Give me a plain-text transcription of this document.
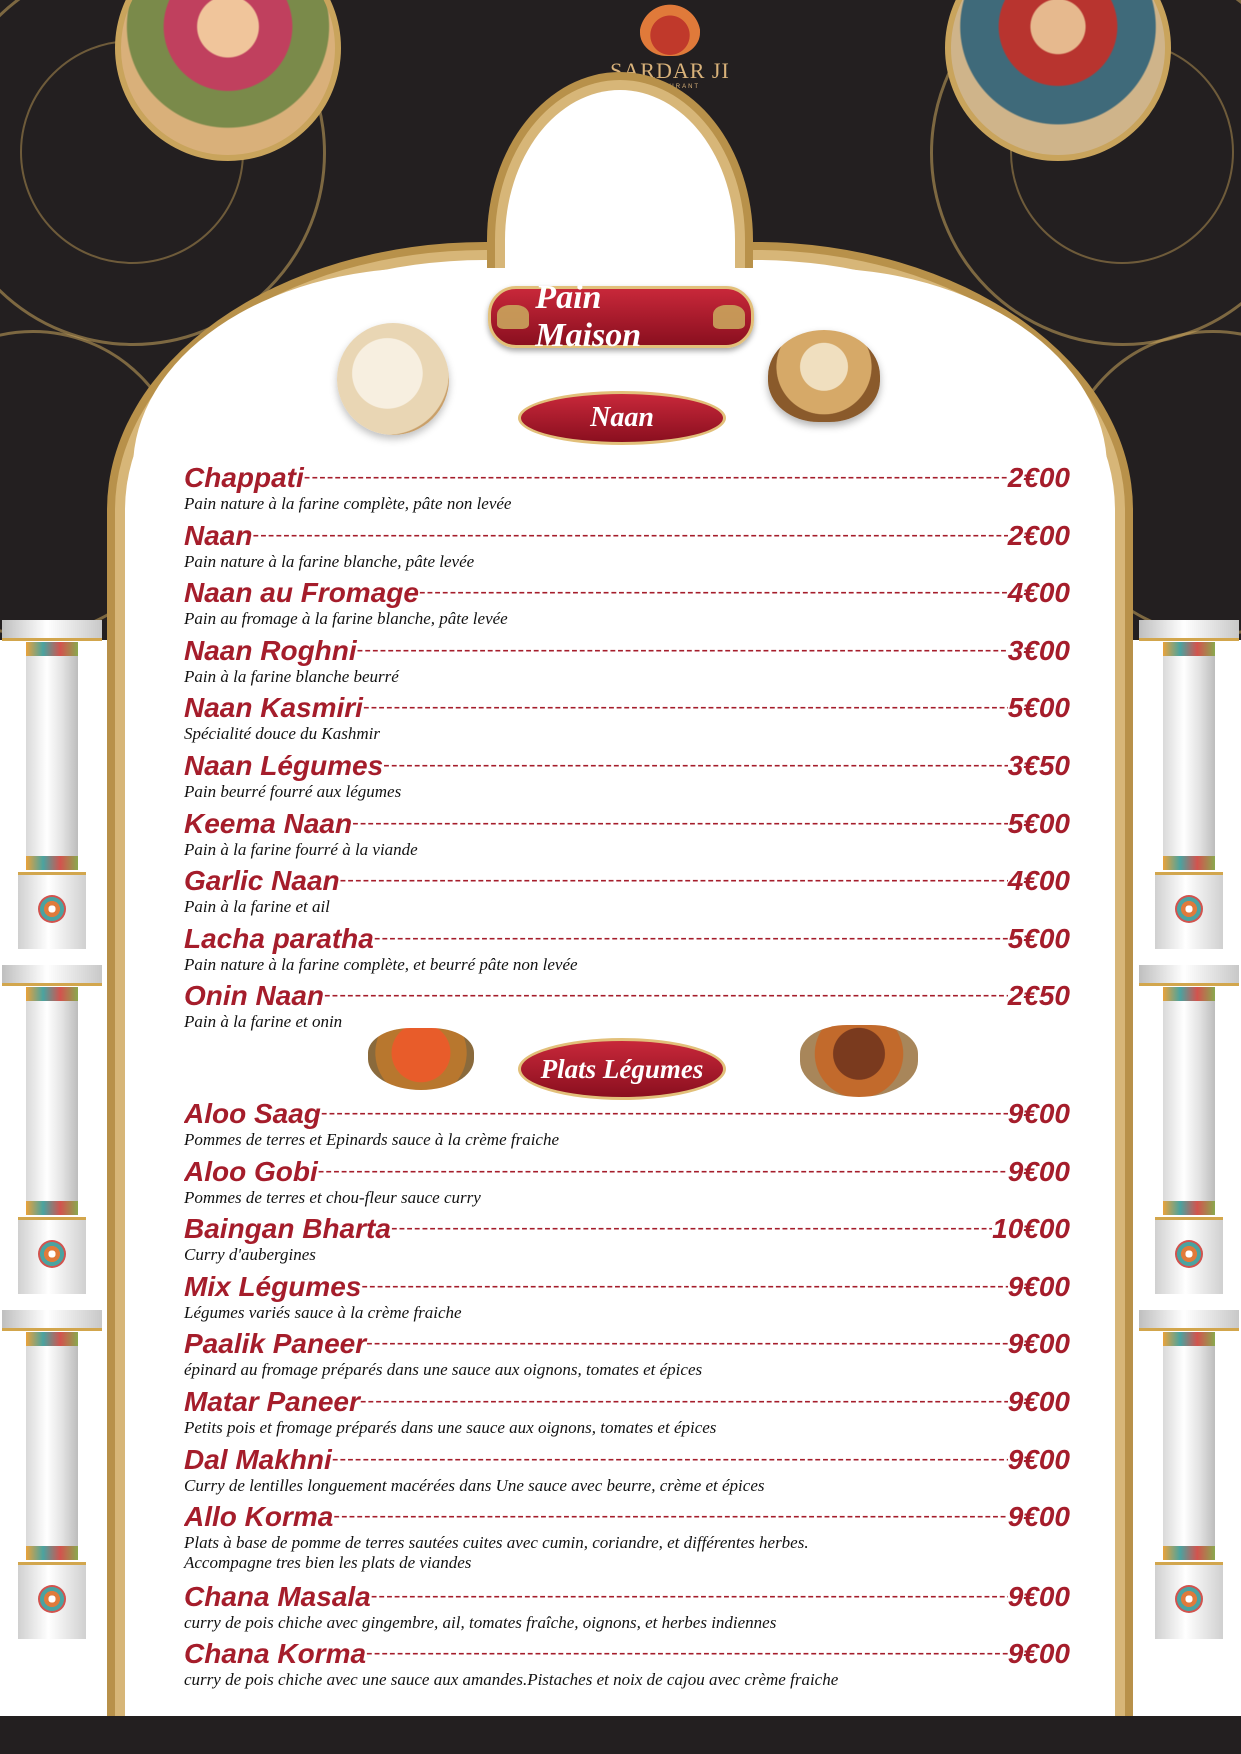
SARDAR JI
RESTAURANT
Pain Maison
Naan
Chappati -----	2€00

Pain nature à la farine complète, pâte non levée

Naan -----	2€00

Pain nature à la farine blanche, pâte levée

Naan au Fromage -----	4€00

Pain au fromage à la farine blanche, pâte levée

Naan Roghni -----	3€00

Pain à la farine blanche beurré

Naan Kasmiri -----	5€00

Spécialité douce du Kashmir

Naan Légumes -----	3€50

Pain beurré fourré aux légumes

Keema Naan -----	5€00

Pain à la farine fourré à la viande

Garlic Naan -----	4€00

Pain à la farine et ail

Lacha paratha -----	5€00

Pain nature à la farine complète, et beurré pâte non levée

Onin Naan -----	2€50

Pain à la farine et onin

Plats Légumes
Aloo Saag -----	9€00

Pommes de terres et Epinards sauce à la crème fraiche

Aloo Gobi -----	9€00

Pommes de terres et chou-fleur sauce curry

Baingan Bharta -----	10€00

Curry d'aubergines

Mix Légumes -----	9€00

Légumes variés sauce à la crème fraiche

Paalik Paneer -----	9€00

épinard au fromage préparés dans une sauce aux oignons, tomates et épices

Matar Paneer -----	9€00

Petits pois et fromage préparés dans une sauce aux oignons, tomates et épices

Dal Makhni -----	9€00

Curry de lentilles longuement macérées dans Une sauce avec beurre, crème et épices

Allo Korma -----	9€00

Plats à base de pomme de terres sautées cuites avec cumin, coriandre, et différentes herbes. Accompagne tres bien les plats de viandes

Chana Masala -----	9€00

curry de pois chiche avec gingembre, ail, tomates fraîche, oignons, et herbes indiennes

Chana Korma -----	9€00

curry de pois chiche avec une sauce aux amandes.Pistaches et noix de cajou avec crème fraiche
